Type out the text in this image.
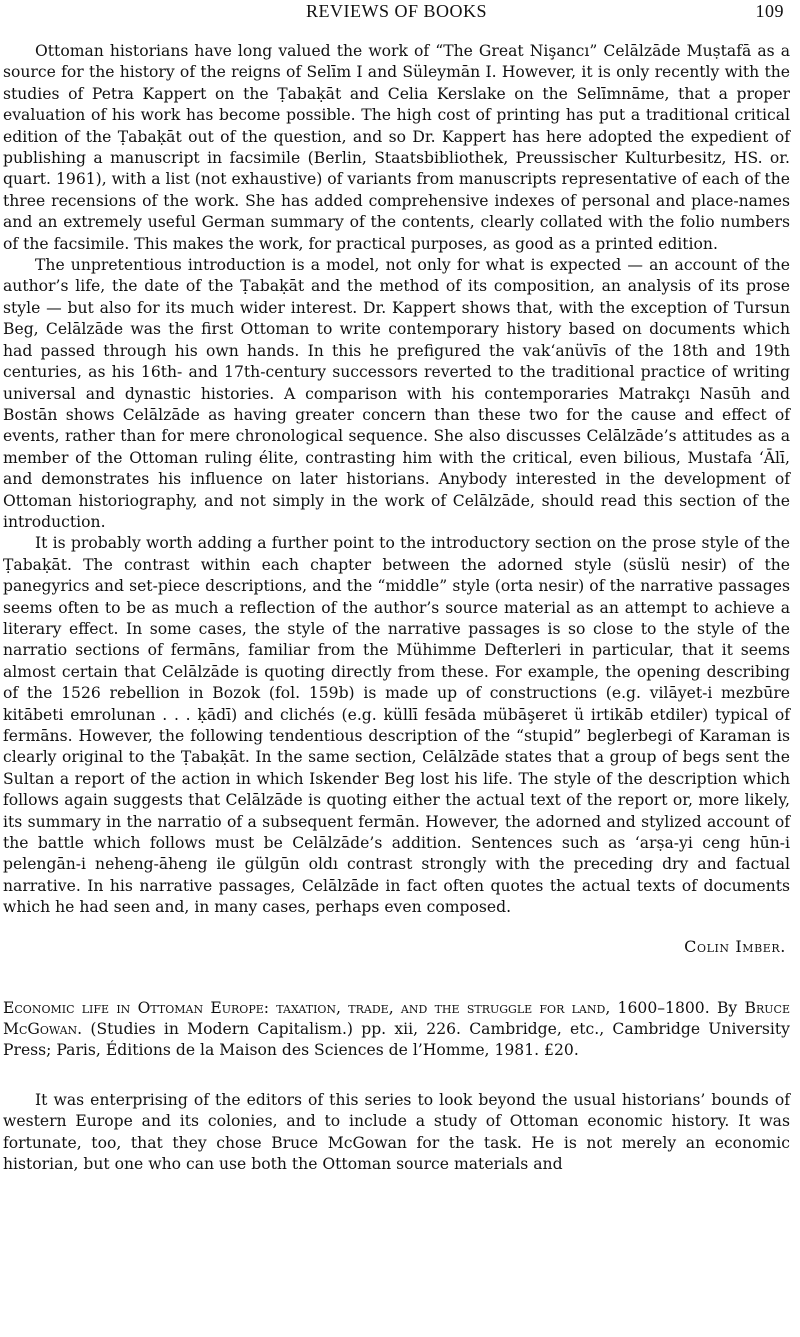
REVIEWS OF BOOKS	109

Ottoman historians have long valued the work of “The Great Nişancı” Celālzāde Muṣtafā as a source for the history of the reigns of Selīm I and Süleymān I. However, it is only recently with the studies of Petra Kappert on the Ṭabaḳāt and Celia Kerslake on the Selīmnāme, that a proper evaluation of his work has become possible. The high cost of printing has put a traditional critical edition of the Ṭabaḳāt out of the question, and so Dr. Kappert has here adopted the expedient of publishing a manuscript in facsimile (Berlin, Staatsbibliothek, Preussischer Kulturbesitz, HS. or. quart. 1961), with a list (not exhaustive) of variants from manuscripts representative of each of the three recensions of the work. She has added comprehensive indexes of personal and place-names and an extremely useful German summary of the contents, clearly collated with the folio numbers of the facsimile. This makes the work, for practical purposes, as good as a printed edition.

The unpretentious introduction is a model, not only for what is expected — an account of the author’s life, the date of the Ṭabaḳāt and the method of its composition, an analysis of its prose style — but also for its much wider interest. Dr. Kappert shows that, with the exception of Tursun Beg, Celālzāde was the first Ottoman to write contemporary history based on documents which had passed through his own hands. In this he prefigured the vak‘anüvīs of the 18th and 19th centuries, as his 16th- and 17th-century successors reverted to the traditional practice of writing universal and dynastic histories. A comparison with his contemporaries Matrakçı Nasūh and Bostān shows Celālzāde as having greater concern than these two for the cause and effect of events, rather than for mere chronological sequence. She also discusses Celālzāde’s attitudes as a member of the Ottoman ruling élite, contrasting him with the critical, even bilious, Mustafa ‘Ālī, and demonstrates his influence on later historians. Anybody interested in the development of Ottoman historiography, and not simply in the work of Celālzāde, should read this section of the introduction.

It is probably worth adding a further point to the introductory section on the prose style of the Ṭabaḳāt. The contrast within each chapter between the adorned style (süslü nesir) of the panegyrics and set-piece descriptions, and the “middle” style (orta nesir) of the narrative passages seems often to be as much a reflection of the author’s source material as an attempt to achieve a literary effect. In some cases, the style of the narrative passages is so close to the style of the narratio sections of fermāns, familiar from the Mühimme Defterleri in particular, that it seems almost certain that Celālzāde is quoting directly from these. For example, the opening describing of the 1526 rebellion in Bozok (fol. 159b) is made up of constructions (e.g. vilāyet-i mezbūre kitābeti emrolunan . . . ḳādī) and clichés (e.g. küllī fesāda mübāşeret ü irtikāb etdiler) typical of fermāns. However, the following tendentious description of the “stupid” beglerbegi of Karaman is clearly original to the Ṭabaḳāt. In the same section, Celālzāde states that a group of begs sent the Sultan a report of the action in which Iskender Beg lost his life. The style of the description which follows again suggests that Celālzāde is quoting either the actual text of the report or, more likely, its summary in the narratio of a subsequent fermān. However, the adorned and stylized account of the battle which follows must be Celālzāde’s addition. Sentences such as ‘arṣa-yi ceng hūn-i pelengān-i neheng-āheng ile gülgūn oldı contrast strongly with the preceding dry and factual narrative. In his narrative passages, Celālzāde in fact often quotes the actual texts of documents which he had seen and, in many cases, perhaps even composed.

Colin Imber.
Economic life in Ottoman Europe: taxation, trade, and the struggle for land, 1600–1800. By Bruce McGowan. (Studies in Modern Capitalism.) pp. xii, 226. Cambridge, etc., Cambridge University Press; Paris, Éditions de la Maison des Sciences de l’Homme, 1981. £20.

It was enterprising of the editors of this series to look beyond the usual historians’ bounds of western Europe and its colonies, and to include a study of Ottoman economic history. It was fortunate, too, that they chose Bruce McGowan for the task. He is not merely an economic historian, but one who can use both the Ottoman source materials and
